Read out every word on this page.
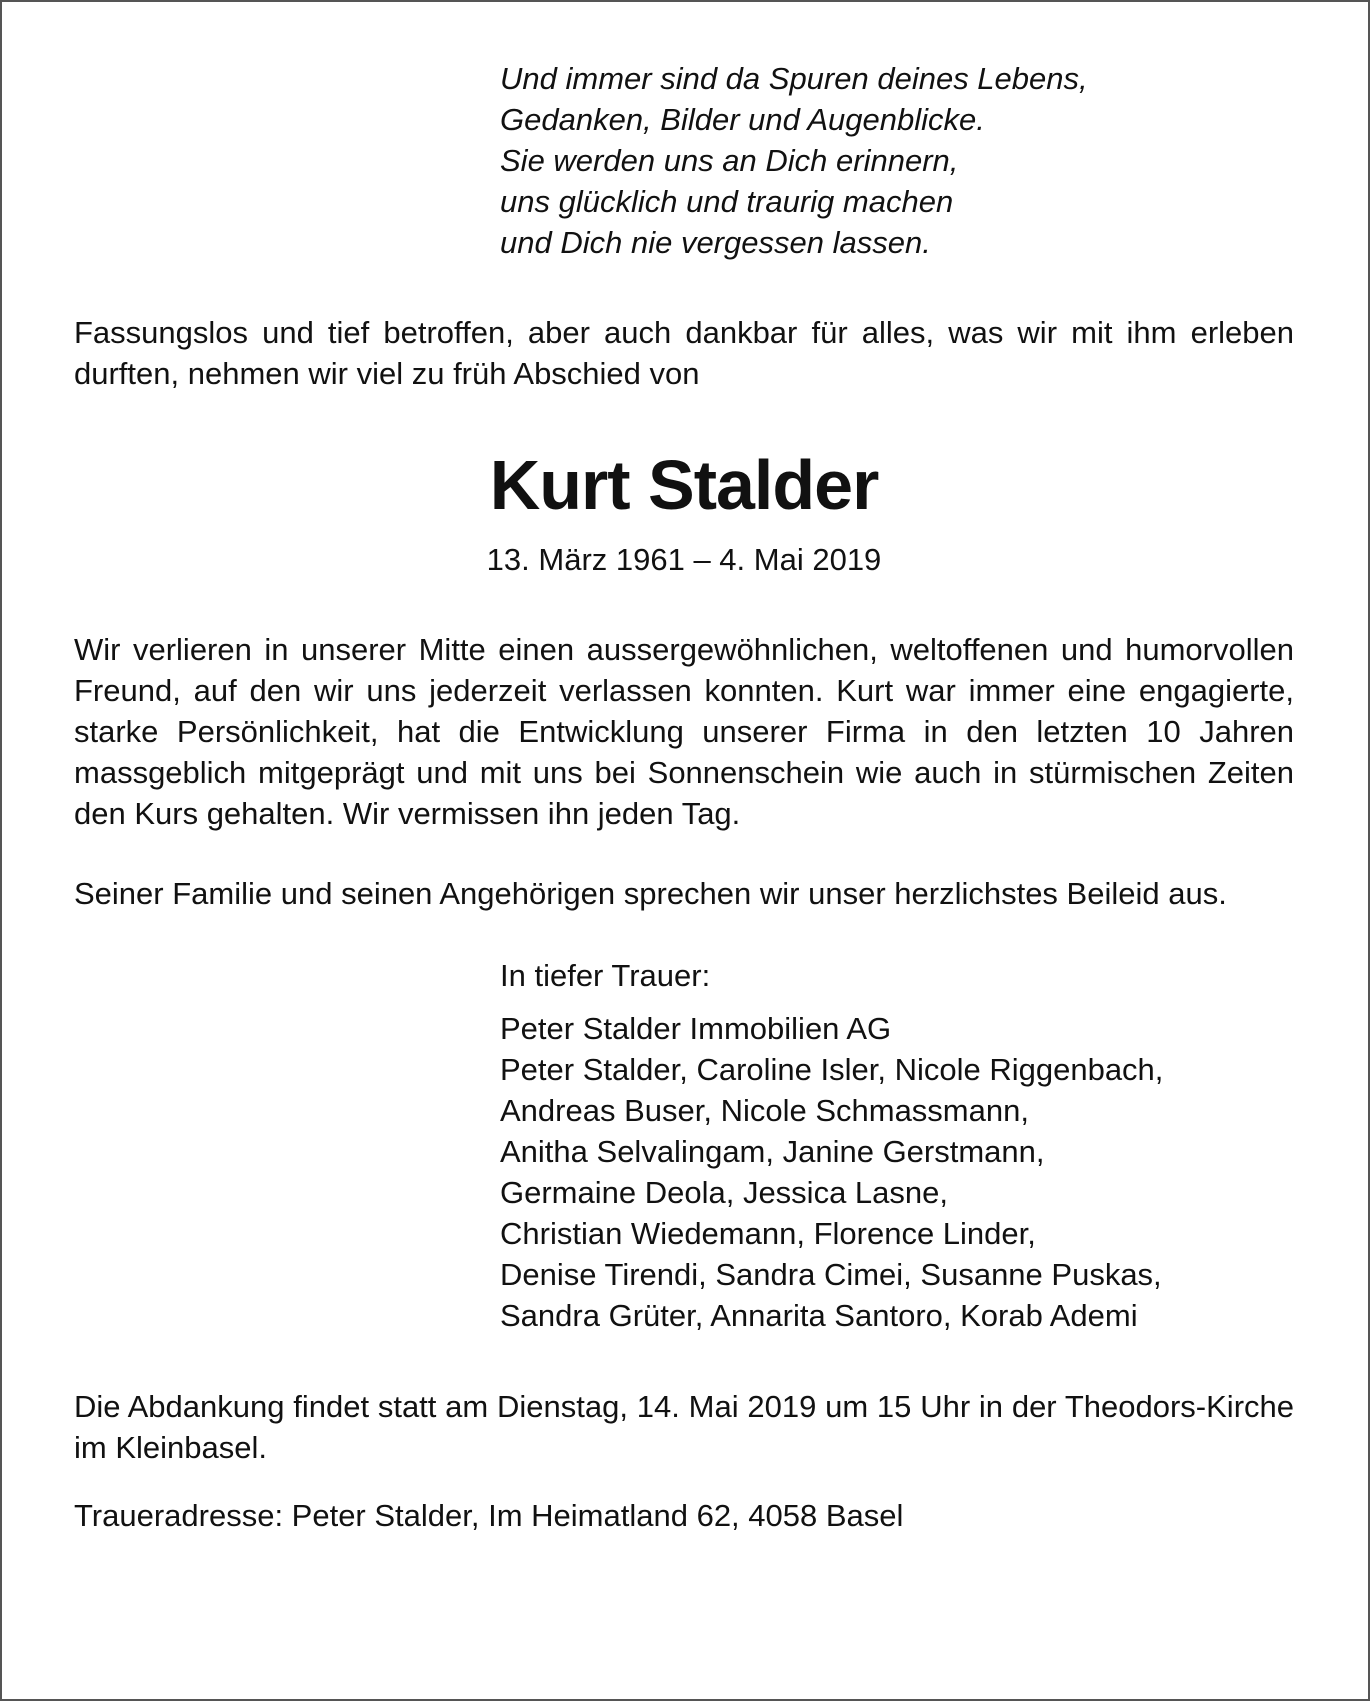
Und immer sind da Spuren deines Lebens,
Gedanken, Bilder und Augenblicke.
Sie werden uns an Dich erinnern,
uns glücklich und traurig machen
und Dich nie vergessen lassen.

Fassungslos und tief betroffen, aber auch dankbar für alles, was wir mit ihm erleben durften, nehmen wir viel zu früh Abschied von

Kurt Stalder
13. März 1961 – 4. Mai 2019

Wir verlieren in unserer Mitte einen aussergewöhnlichen, weltoffenen und humorvollen Freund, auf den wir uns jederzeit verlassen konnten. Kurt war immer eine engagierte, starke Persönlichkeit, hat die Entwicklung unserer Firma in den letzten 10 Jahren massgeblich mitgeprägt und mit uns bei Sonnenschein wie auch in stürmischen Zeiten den Kurs gehalten. Wir vermissen ihn jeden Tag.

Seiner Familie und seinen Angehörigen sprechen wir unser herzlichstes Beileid aus.

In tiefer Trauer:
Peter Stalder Immobilien AG
Peter Stalder, Caroline Isler, Nicole Riggenbach,
Andreas Buser, Nicole Schmassmann,
Anitha Selvalingam, Janine Gerstmann,
Germaine Deola, Jessica Lasne,
Christian Wiedemann, Florence Linder,
Denise Tirendi, Sandra Cimei, Susanne Puskas,
Sandra Grüter, Annarita Santoro, Korab Ademi

Die Abdankung findet statt am Dienstag, 14. Mai 2019 um 15 Uhr in der Theodors-Kirche im Kleinbasel.

Traueradresse: Peter Stalder, Im Heimatland 62, 4058 Basel
